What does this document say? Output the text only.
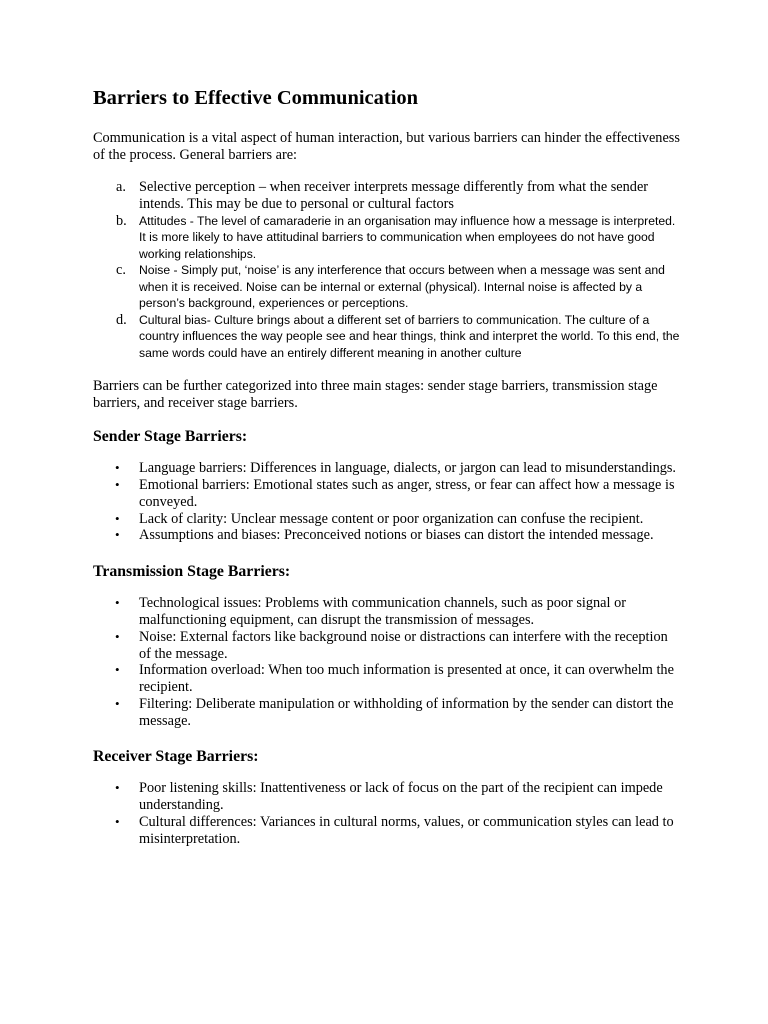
Barriers to Effective Communication

Communication is a vital aspect of human interaction, but various barriers can hinder the effectiveness of the process. General barriers are:

a. Selective perception – when receiver interprets message differently from what the sender intends. This may be due to personal or cultural factors
b. Attitudes - The level of camaraderie in an organisation may influence how a message is interpreted. It is more likely to have attitudinal barriers to communication when employees do not have good working relationships.
c. Noise - Simply put, ‘noise’ is any interference that occurs between when a message was sent and when it is received. Noise can be internal or external (physical). Internal noise is affected by a person’s background, experiences or perceptions.
d. Cultural bias- Culture brings about a different set of barriers to communication. The culture of a country influences the way people see and hear things, think and interpret the world. To this end, the same words could have an entirely different meaning in another culture

Barriers can be further categorized into three main stages: sender stage barriers, transmission stage barriers, and receiver stage barriers.

Sender Stage Barriers:
• Language barriers: Differences in language, dialects, or jargon can lead to misunderstandings.
• Emotional barriers: Emotional states such as anger, stress, or fear can affect how a message is conveyed.
• Lack of clarity: Unclear message content or poor organization can confuse the recipient.
• Assumptions and biases: Preconceived notions or biases can distort the intended message.
Transmission Stage Barriers:
• Technological issues: Problems with communication channels, such as poor signal or malfunctioning equipment, can disrupt the transmission of messages.
• Noise: External factors like background noise or distractions can interfere with the reception of the message.
• Information overload: When too much information is presented at once, it can overwhelm the recipient.
• Filtering: Deliberate manipulation or withholding of information by the sender can distort the message.
Receiver Stage Barriers:
• Poor listening skills: Inattentiveness or lack of focus on the part of the recipient can impede understanding.
• Cultural differences: Variances in cultural norms, values, or communication styles can lead to misinterpretation.
